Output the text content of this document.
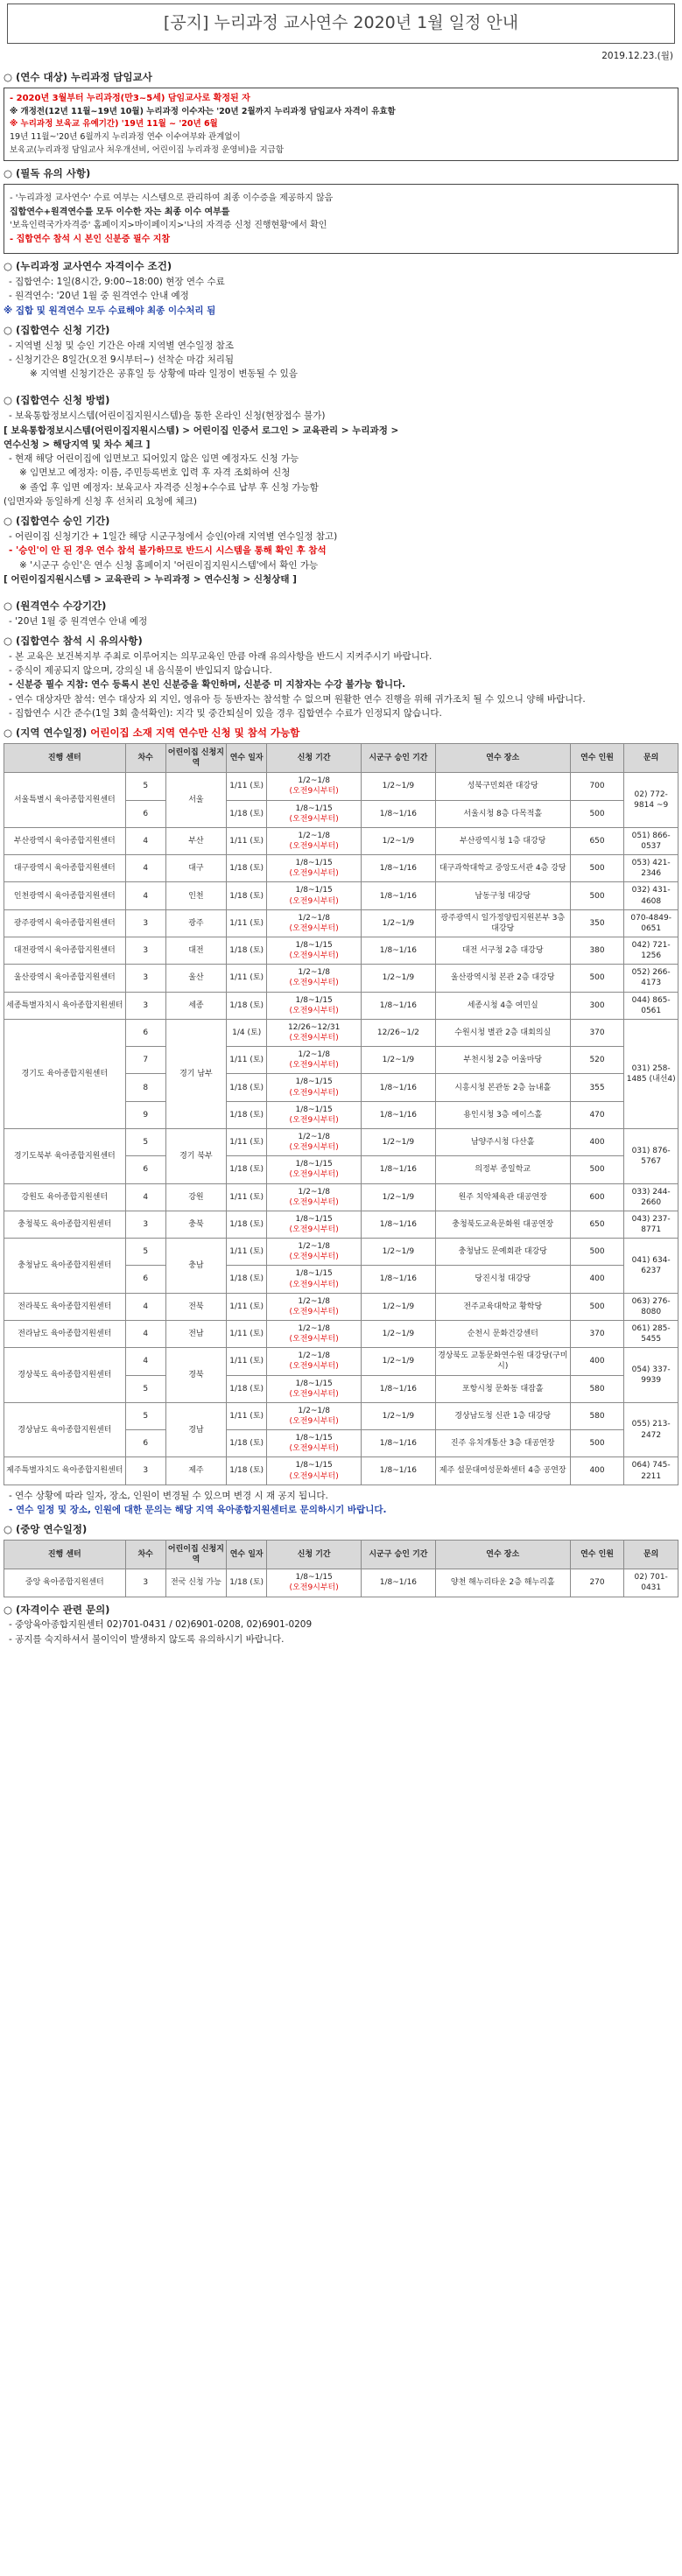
[공지] 누리과정 교사연수 2020년 1월 일정 안내
2019.12.23.(월)
○ (연수 대상) 누리과정 담임교사
- 2020년 3월부터 누리과정(만3~5세) 담임교사로 확정된 자
※ 개정전(12년 11월~19년 10월) 누리과정 이수자는 '20년 2월까지 누리과정 담임교사 자격이 유효함
※ 누리과정 보육교 유예기간) '19년 11월 ~ '20년 6월
19년 11월~'20년 6월까지 누리과정 연수 이수여부와 관계없이
보육교(누리과정 담임교사 처우개선비, 어린이집 누리과정 운영비)을 지급함
○ (필독 유의 사항)
- '누리과정 교사연수' 수료 여부는 시스템으로 관리하여 최종 이수증을 제공하지 않음
집합연수+원격연수를 모두 이수한 자는 최종 이수 여부를
'보육인력국가자격증' 홈페이지>마이페이지>'나의 자격증 신청 진행현황'에서 확인
- 집합연수 참석 시 본인 신분증 필수 지참
○ (누리과정 교사연수 자격이수 조건)
- 집합연수: 1일(8시간, 9:00~18:00) 현장 연수 수료
- 원격연수: '20년 1월 중 원격연수 안내 예정
※ 집합 및 원격연수 모두 수료해야 최종 이수처리 됨
○ (집합연수 신청 기간)
- 지역별 신청 및 승인 기간은 아래 지역별 연수일정 참조
- 신청기간은 8일간(오전 9시부터~) 선착순 마감 처리됨
※ 지역별 신청기간은 공휴일 등 상황에 따라 일정이 변동될 수 있음
○ (집합연수 신청 방법)
- 보육통합정보시스템(어린이집지원시스템)을 통한 온라인 신청(현장접수 불가)
[ 보육통합정보시스템(어린이집지원시스템) > 어린이집 인증서 로그인 > 교육관리 > 누리과정 >
연수신청 > 해당지역 및 차수 체크 ]
- 현재 해당 어린이집에 임면보고 되어있지 않은 임면 예정자도 신청 가능
※ 임면보고 예정자: 이름, 주민등록번호 입력 후 자격 조회하여 신청
※ 졸업 후 임면 예정자: 보육교사 자격증 신청+수수료 납부 후 신청 가능함
(임면자와 동일하게 신청 후 선처리 요청에 체크)
○ (집합연수 승인 기간)
- 어린이집 신청기간 + 1일간 해당 시군구청에서 승인(아래 지역별 연수일정 참고)
- '승인'이 안 된 경우 연수 참석 불가하므로 반드시 시스템을 통해 확인 후 참석
※ '시군구 승인'은 연수 신청 홈페이지 '어린이집지원시스템'에서 확인 가능
[ 어린이집지원시스템 > 교육관리 > 누리과정 > 연수신청 > 신청상태 ]
○ (원격연수 수강기간)
- '20년 1월 중 원격연수 안내 예정
○ (집합연수 참석 시 유의사항)
- 본 교육은 보건복지부 주최로 이루어지는 의무교육인 만큼 아래 유의사항을 반드시 지켜주시기 바랍니다.
- 중식이 제공되지 않으며, 강의실 내 음식물이 반입되지 않습니다.
- 신분증 필수 지참: 연수 등록시 본인 신분증을 확인하며, 신분증 미 지참자는 수강 불가능 합니다.
- 연수 대상자만 참석: 연수 대상자 외 지인, 영유아 등 동반자는 참석할 수 없으며 원활한 연수 진행을 위해 귀가조치 될 수 있으니 양해 바랍니다.
- 집합연수 시간 준수(1일 3회 출석확인): 지각 및 중간퇴실이 있을 경우 집합연수 수료가 인정되지 않습니다.
○ (지역 연수일정) 어린이집 소재 지역 연수만 신청 및 참석 가능함
진행 센터	차수	어린이집 신청지역	연수 일자	신청 기간	시군구 승인 기간	연수 장소	연수 인원	문의
서울특별시 육아종합지원센터	5	서울	1/11 (토)	1/2~1/8
(오전9시부터)	1/2~1/9	성북구민회관 대강당	700	02) 772-9814 ~9
	6		1/18 (토)	1/8~1/15
(오전9시부터)	1/8~1/16	서울시청 8층 다목적홀	500	
부산광역시 육아종합지원센터	4	부산	1/11 (토)	1/2~1/8
(오전9시부터)	1/2~1/9	부산광역시청 1층 대강당	650	051) 866-0537
대구광역시 육아종합지원센터	4	대구	1/18 (토)	1/8~1/15
(오전9시부터)	1/8~1/16	대구과학대학교 중앙도서관 4층 강당	500	053) 421-2346
인천광역시 육아종합지원센터	4	인천	1/18 (토)	1/8~1/15
(오전9시부터)	1/8~1/16	남동구청 대강당	500	032) 431-4608
광주광역시 육아종합지원센터	3	광주	1/11 (토)	1/2~1/8
(오전9시부터)	1/2~1/9	광주광역시 일가정양립지원본부 3층 대강당	350	070-4849-0651
대전광역시 육아종합지원센터	3	대전	1/18 (토)	1/8~1/15
(오전9시부터)	1/8~1/16	대전 서구청 2층 대강당	380	042) 721-1256
울산광역시 육아종합지원센터	3	울산	1/11 (토)	1/2~1/8
(오전9시부터)	1/2~1/9	울산광역시청 본관 2층 대강당	500	052) 266-4173
세종특별자치시 육아종합지원센터	3	세종	1/18 (토)	1/8~1/15
(오전9시부터)	1/8~1/16	세종시청 4층 여민실	300	044) 865-0561
경기도 육아종합지원센터	6	경기 남부	1/4 (토)	12/26~12/31
(오전9시부터)	12/26~1/2	수원시청 별관 2층 대회의실	370	031) 258-1485 (내선4)
	7		1/11 (토)	1/2~1/8
(오전9시부터)	1/2~1/9	부천시청 2층 어울마당	520	
	8		1/18 (토)	1/8~1/15
(오전9시부터)	1/8~1/16	시흥시청 본관동 2층 늠내홀	355	
	9		1/18 (토)	1/8~1/15
(오전9시부터)	1/8~1/16	용인시청 3층 에이스홀	470	
경기도북부 육아종합지원센터	5	경기 북부	1/11 (토)	1/2~1/8
(오전9시부터)	1/2~1/9	남양주시청 다산홀	400	031) 876-5767
	6		1/18 (토)	1/8~1/15
(오전9시부터)	1/8~1/16	의정부 종일학교	500	
강원도 육아종합지원센터	4	강원	1/11 (토)	1/2~1/8
(오전9시부터)	1/2~1/9	원주 치악체육관 대공연장	600	033) 244-2660
충청북도 육아종합지원센터	3	충북	1/18 (토)	1/8~1/15
(오전9시부터)	1/8~1/16	충청북도교육문화원 대공연장	650	043) 237-8771
충청남도 육아종합지원센터	5	충남	1/11 (토)	1/2~1/8
(오전9시부터)	1/2~1/9	충청남도 문예회관 대강당	500	041) 634-6237
	6		1/18 (토)	1/8~1/15
(오전9시부터)	1/8~1/16	당진시청 대강당	400	
전라북도 육아종합지원센터	4	전북	1/11 (토)	1/2~1/8
(오전9시부터)	1/2~1/9	전주교육대학교 황학당	500	063) 276-8080
전라남도 육아종합지원센터	4	전남	1/11 (토)	1/2~1/8
(오전9시부터)	1/2~1/9	순천시 문화건강센터	370	061) 285-5455
경상북도 육아종합지원센터	4	경북	1/11 (토)	1/2~1/8
(오전9시부터)	1/2~1/9	경상북도 교통문화연수원 대강당(구미시)	400	054) 337-9939
	5		1/18 (토)	1/8~1/15
(오전9시부터)	1/8~1/16	포항시청 문화동 대잠홀	580	
경상남도 육아종합지원센터	5	경남	1/11 (토)	1/2~1/8
(오전9시부터)	1/2~1/9	경상남도청 신관 1층 대강당	580	055) 213-2472
	6		1/18 (토)	1/8~1/15
(오전9시부터)	1/8~1/16	진주 유치개통산 3층 대공연장	500	
제주특별자치도 육아종합지원센터	3	제주	1/18 (토)	1/8~1/15
(오전9시부터)	1/8~1/16	제주 설문대여성문화센터 4층 공연장	400	064) 745-2211
- 연수 상황에 따라 일자, 장소, 인원이 변경될 수 있으며 변경 시 재 공지 됩니다.
- 연수 일정 및 장소, 인원에 대한 문의는 해당 지역 육아종합지원센터로 문의하시기 바랍니다.
○ (중앙 연수일정)
진행 센터	차수	어린이집 신청지역	연수 일자	신청 기간	시군구 승인 기간	연수 장소	연수 인원	문의
중앙 육아종합지원센터	3	전국 신청 가능	1/18 (토)	1/8~1/15
(오전9시부터)	1/8~1/16	양천 해누리타운 2층 해누리홀	270	02) 701-0431
○ (자격이수 관련 문의)
- 중앙육아종합지원센터 02)701-0431 / 02)6901-0208, 02)6901-0209
- 공지를 숙지하셔서 불이익이 발생하지 않도록 유의하시기 바랍니다.
